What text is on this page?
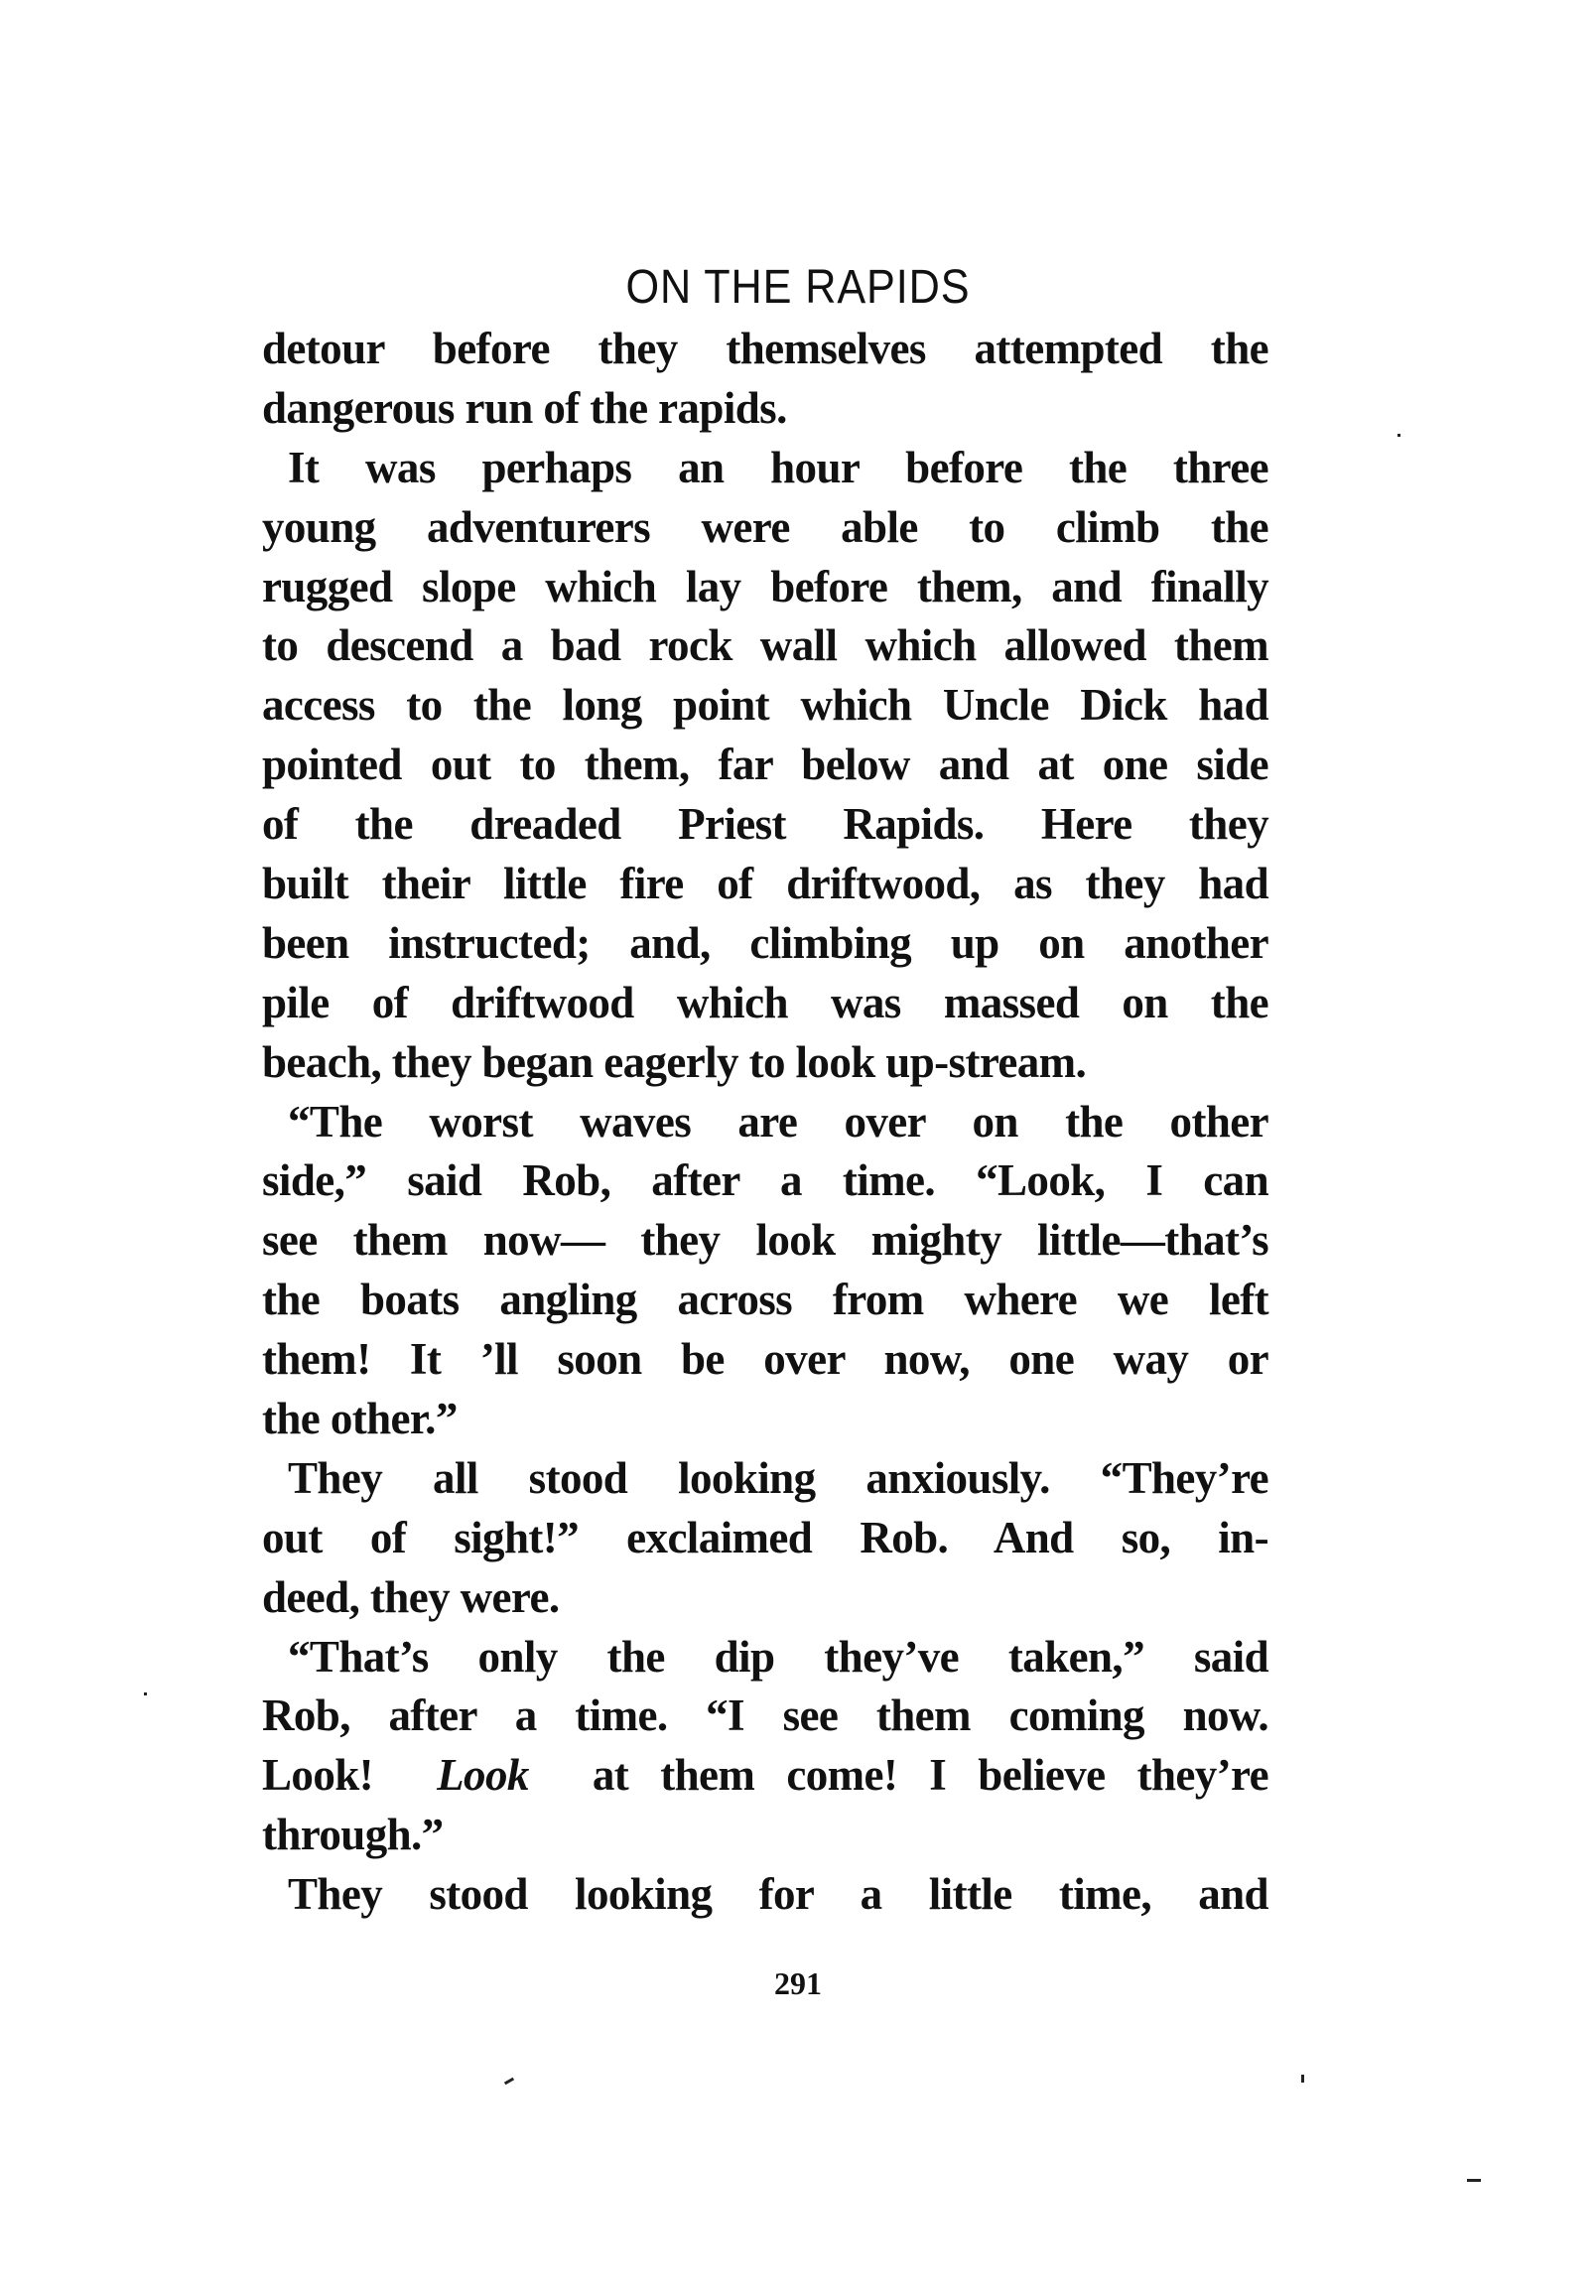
ON THE RAPIDS
detour before they themselves attempted the
dangerous run of the rapids.
It was perhaps an hour before the three
young adventurers were able to climb the
rugged slope which lay before them, and finally
to descend a bad rock wall which allowed them
access to the long point which Uncle Dick had
pointed out to them, far below and at one side
of the dreaded Priest Rapids. Here they
built their little fire of driftwood, as they had
been instructed; and, climbing up on another
pile of driftwood which was massed on the
beach, they began eagerly to look up-stream.
“The worst waves are over on the other
side,” said Rob, after a time. “Look, I can
see them now— they look mighty little—that’s
the boats angling across from where we left
them! It ’ll soon be over now, one way or
the other.”
They all stood looking anxiously. “They’re
out of sight!” exclaimed Rob. And so, in-
deed, they were.
“That’s only the dip they’ve taken,” said
Rob, after a time. “I see them coming now.
Look!  Look  at them come! I believe they’re
through.”
They stood looking for a little time, and
291
